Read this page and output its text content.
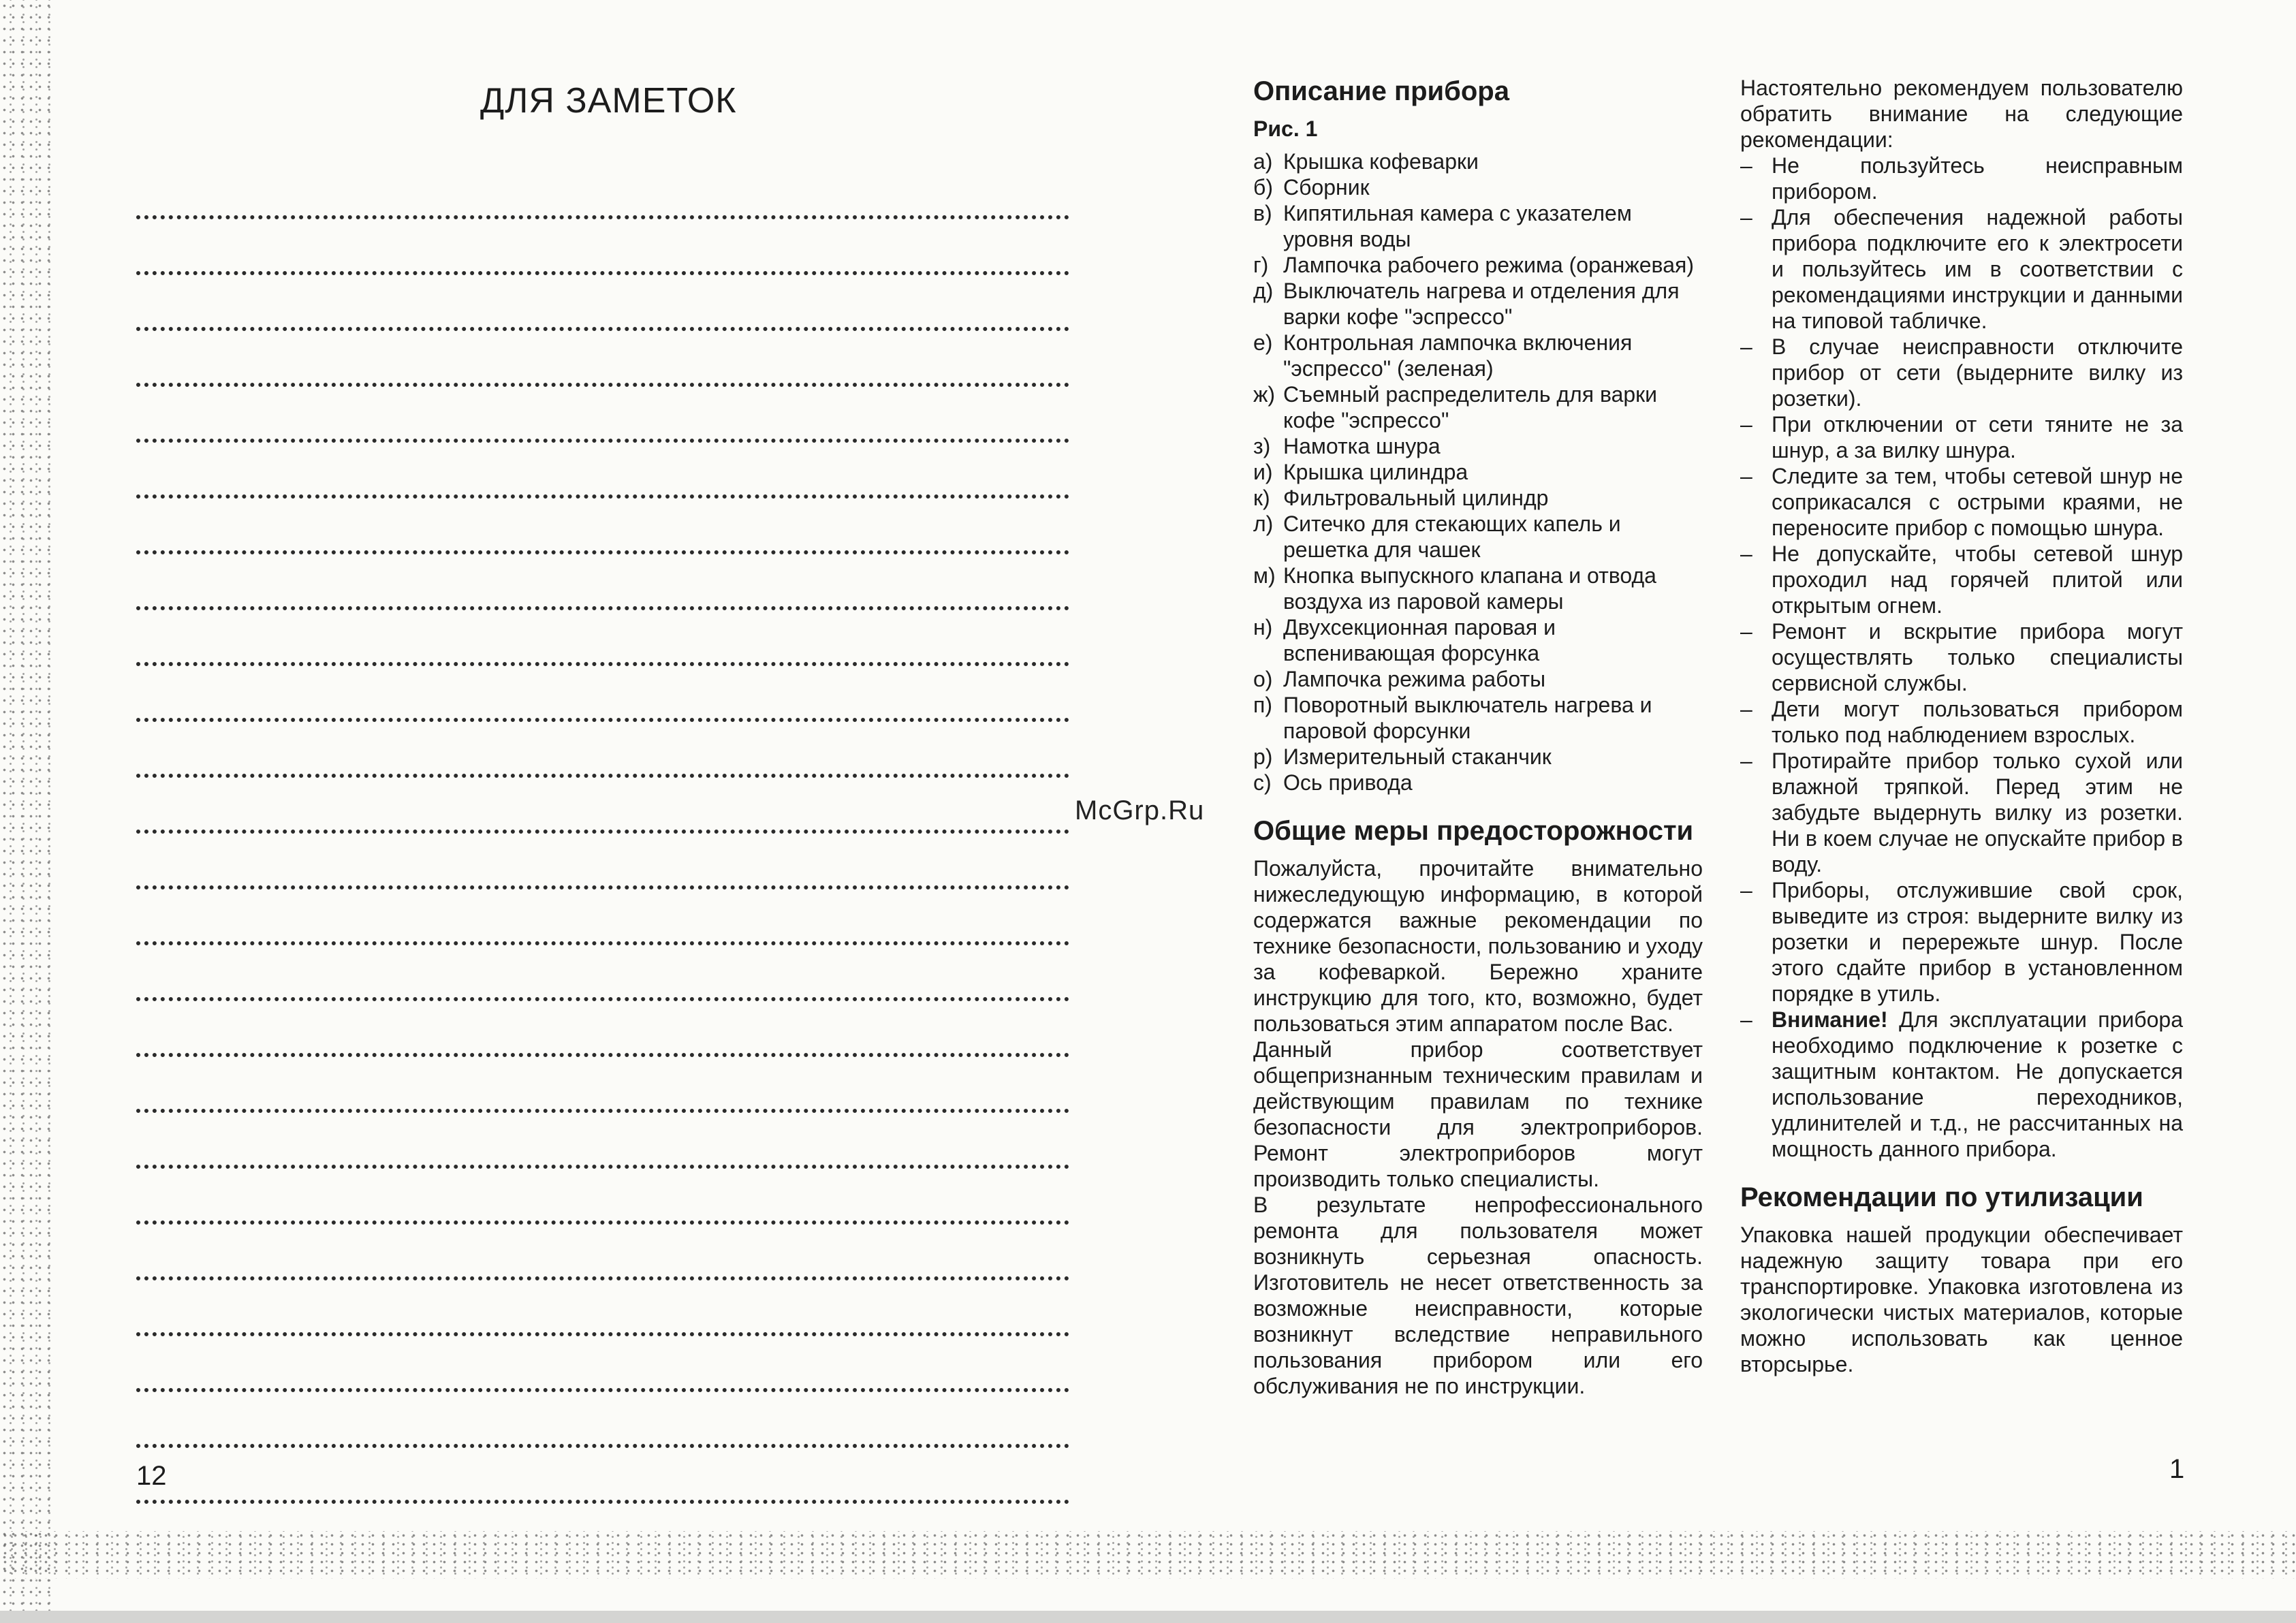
ДЛЯ ЗАМЕТОК
12
McGrp.Ru
Описание прибора
Рис. 1
а) Крышка кофеварки
б) Сборник
в) Кипятильная камера с указателем уровня воды
г) Лампочка рабочего режима (оранжевая)
д) Выключатель нагрева и отделения для варки кофе "эспрессо"
е) Контрольная лампочка включения "эспрессо" (зеленая)
ж) Съемный распределитель для варки кофе "эспрессо"
з) Намотка шнура
и) Крышка цилиндра
к) Фильтровальный цилиндр
л) Ситечко для стекающих капель и решетка для чашек
м) Кнопка выпускного клапана и отвода воздуха из паровой камеры
н) Двухсекционная паровая и вспенивающая форсунка
о) Лампочка режима работы
п) Поворотный выключатель нагрева и паровой форсунки
р) Измерительный стаканчик
с) Ось привода
Общие меры предосторожности

Пожалуйста, прочитайте внимательно нижеследующую информацию, в которой содержатся важные рекомендации по технике безопасности, пользованию и уходу за кофеваркой. Бережно храните инструкцию для того, кто, возможно, будет пользоваться этим аппаратом после Вас.

Данный прибор соответствует общепризнанным техническим правилам и действующим правилам по технике безопасности для электроприборов. Ремонт электроприборов могут производить только специалисты.

В результате непрофессионального ремонта для пользователя может возникнуть серьезная опасность. Изготовитель не несет ответственность за возможные неисправности, которые возникнут вследствие неправильного пользования прибором или его обслуживания не по инструкции.

Настоятельно рекомендуем пользователю обратить внимание на следующие рекомендации:

– Не пользуйтесь неисправным прибором.
– Для обеспечения надежной работы прибора подключите его к электросети и пользуйтесь им в соответствии с рекомендациями инструкции и данными на типовой табличке.
– В случае неисправности отключите прибор от сети (выдерните вилку из розетки).
– При отключении от сети тяните не за шнур, а за вилку шнура.
– Следите за тем, чтобы сетевой шнур не соприкасался с острыми краями, не переносите прибор с помощью шнура.
– Не допускайте, чтобы сетевой шнур проходил над горячей плитой или открытым огнем.
– Ремонт и вскрытие прибора могут осуществлять только специалисты сервисной службы.
– Дети могут пользоваться прибором только под наблюдением взрослых.
– Протирайте прибор только сухой или влажной тряпкой. Перед этим не забудьте выдернуть вилку из розетки. Ни в коем случае не опускайте прибор в воду.
– Приборы, отслужившие свой срок, выведите из строя: выдерните вилку из розетки и перережьте шнур. После этого сдайте прибор в установленном порядке в утиль.
– Внимание! Для эксплуатации прибора необходимо подключение к розетке с защитным контактом. Не допускается использование переходников, удлинителей и т.д., не рассчитанных на мощность данного прибора.
Рекомендации по утилизации

Упаковка нашей продукции обеспечивает надежную защиту товара при его транспортировке. Упаковка изготовлена из экологически чистых материалов, которые можно использовать как ценное вторсырье.

1
